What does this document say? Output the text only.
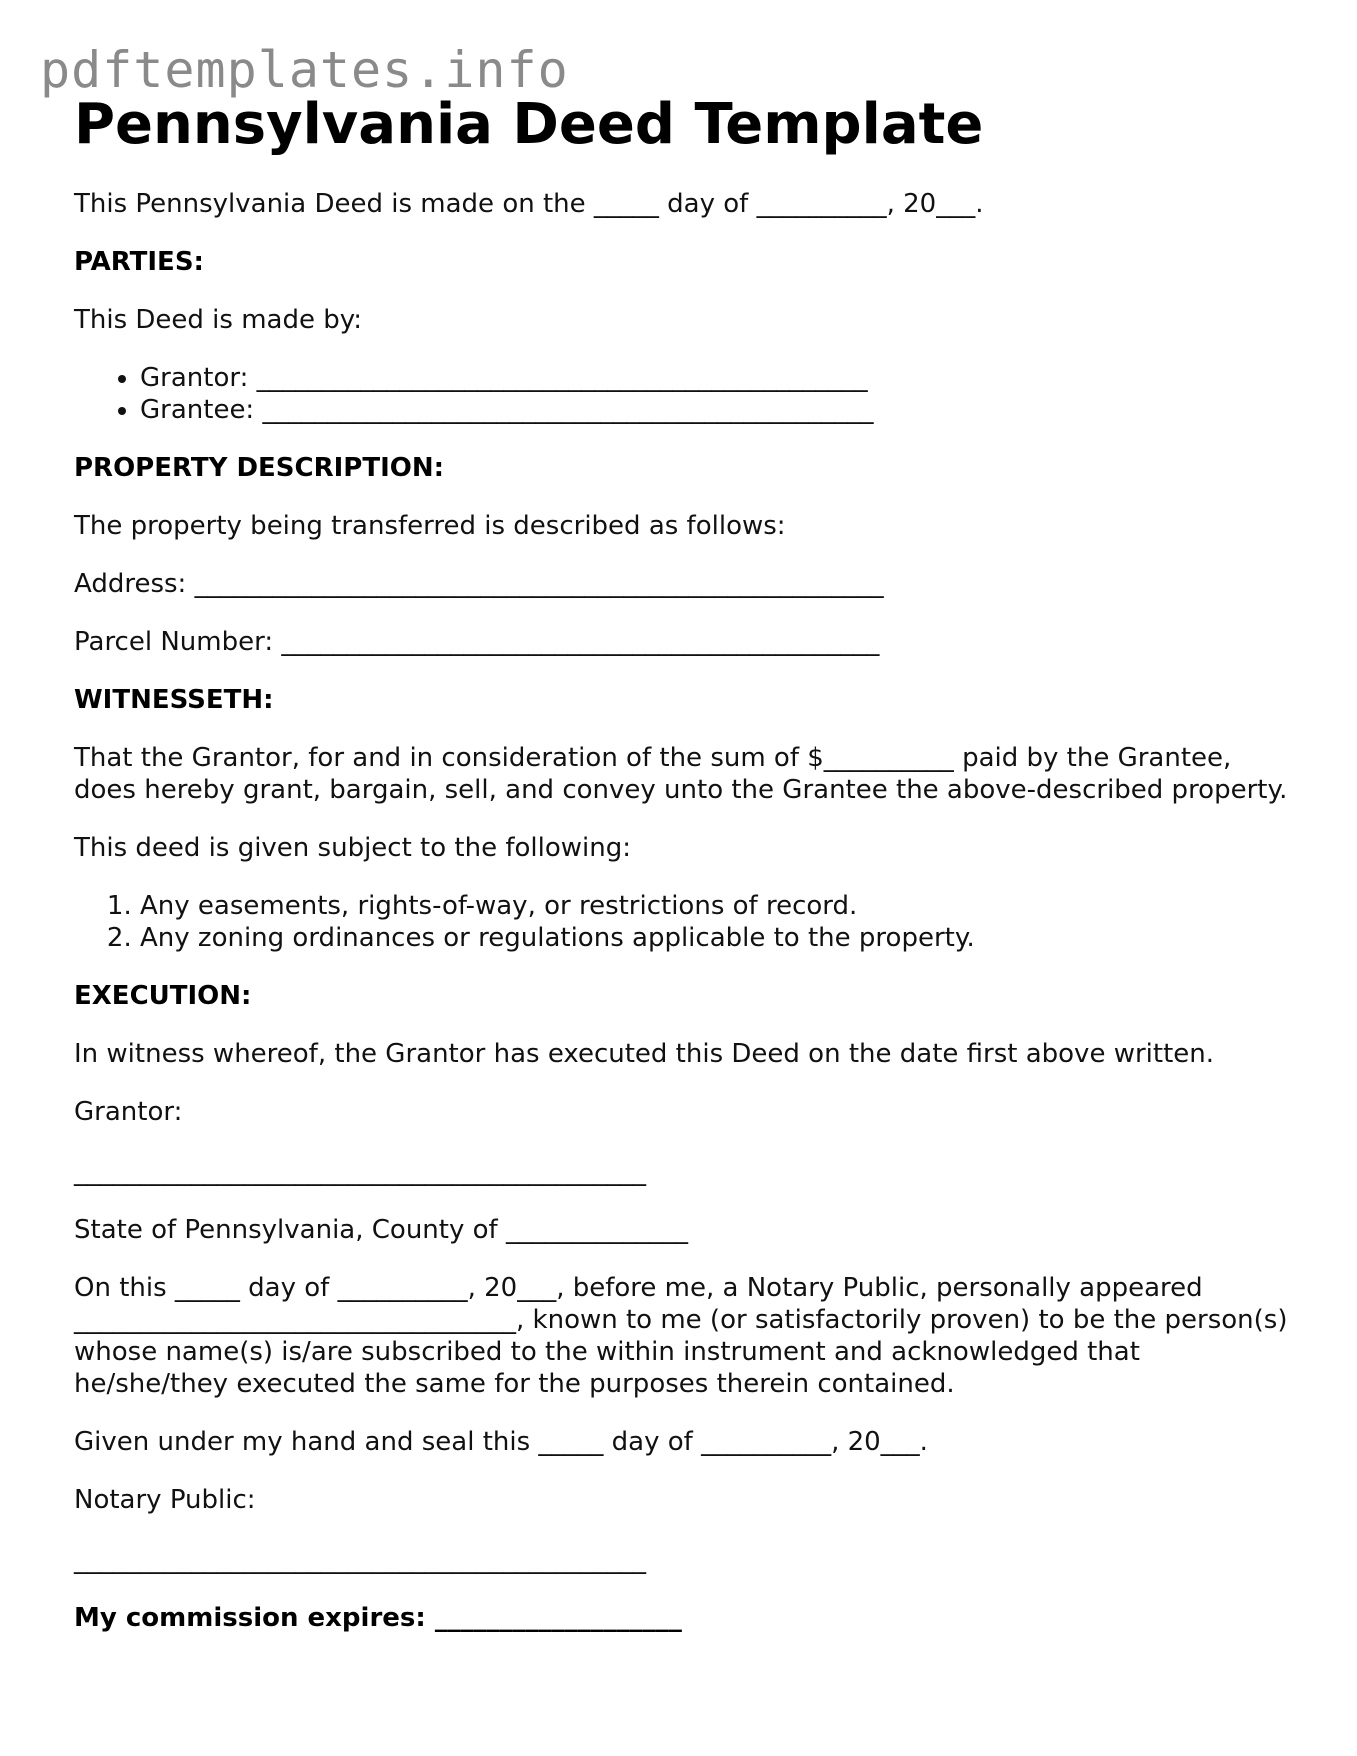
pdftemplates.info
Pennsylvania Deed Template

This Pennsylvania Deed is made on the _____ day of __________, 20___.

PARTIES:

This Deed is made by:

• Grantor: _______________________________________________
• Grantee: _______________________________________________

PROPERTY DESCRIPTION:

The property being transferred is described as follows:

Address: _____________________________________________________

Parcel Number: ______________________________________________

WITNESSETH:

That the Grantor, for and in consideration of the sum of $__________ paid by the Grantee, does hereby grant, bargain, sell, and convey unto the Grantee the above-described property.

This deed is given subject to the following:

1. Any easements, rights-of-way, or restrictions of record.
2. Any zoning ordinances or regulations applicable to the property.

EXECUTION:

In witness whereof, the Grantor has executed this Deed on the date first above written.

Grantor:

____________________________________________

State of Pennsylvania, County of ______________

On this _____ day of __________, 20___, before me, a Notary Public, personally appeared __________________________________, known to me (or satisfactorily proven) to be the person(s) whose name(s) is/are subscribed to the within instrument and acknowledged that he/she/they executed the same for the purposes therein contained.

Given under my hand and seal this _____ day of __________, 20___.

Notary Public:

____________________________________________

My commission expires: ___________________
